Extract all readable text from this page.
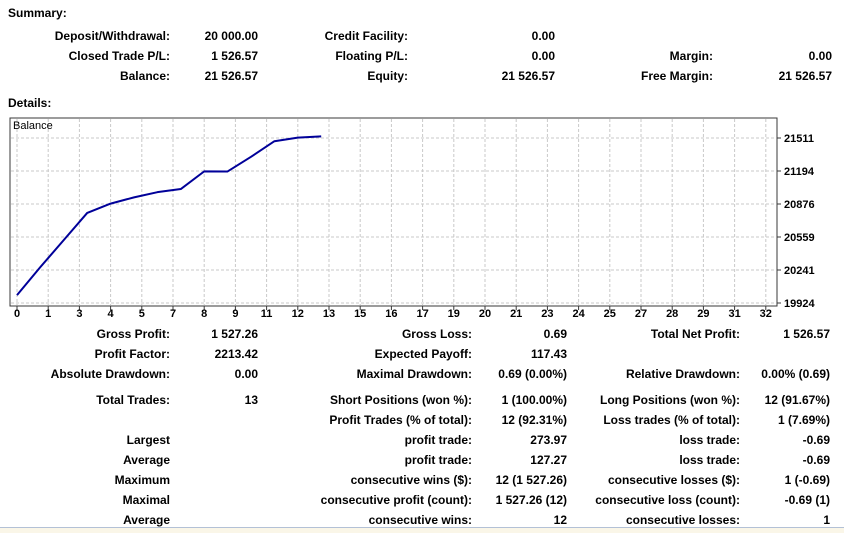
Summary:
Deposit/Withdrawal:	20 000.00	Credit Facility:	0.00
Closed Trade P/L:	1 526.57	Floating P/L:	0.00	Margin:	0.00
Balance:	21 526.57	Equity:	21 526.57	Free Margin:	21 526.57
Details:
0 1 3 4 5 7 8 9 11 12 13 15 16 17 19 20 21 23 24 25 27 28 29 31 32
19924
20241
20559
20876
21194
21511
Balance
Gross Profit:	1 527.26	Gross Loss:	0.69	Total Net Profit:	1 526.57
Profit Factor:	2213.42	Expected Payoff:	117.43
Absolute Drawdown:	0.00	Maximal Drawdown:	0.69 (0.00%)	Relative Drawdown:	0.00% (0.69)
Total Trades:	13	Short Positions (won %):	1 (100.00%)	Long Positions (won %):	12 (91.67%)
Profit Trades (% of total):	12 (92.31%)	Loss trades (% of total):	1 (7.69%)
Largest	profit trade:	273.97	loss trade:	-0.69
Average	profit trade:	127.27	loss trade:	-0.69
Maximum	consecutive wins ($):	12 (1 527.26)	consecutive losses ($):	1 (-0.69)
Maximal	consecutive profit (count):	1 527.26 (12)	consecutive loss (count):	-0.69 (1)
Average	consecutive wins:	12	consecutive losses:	1
